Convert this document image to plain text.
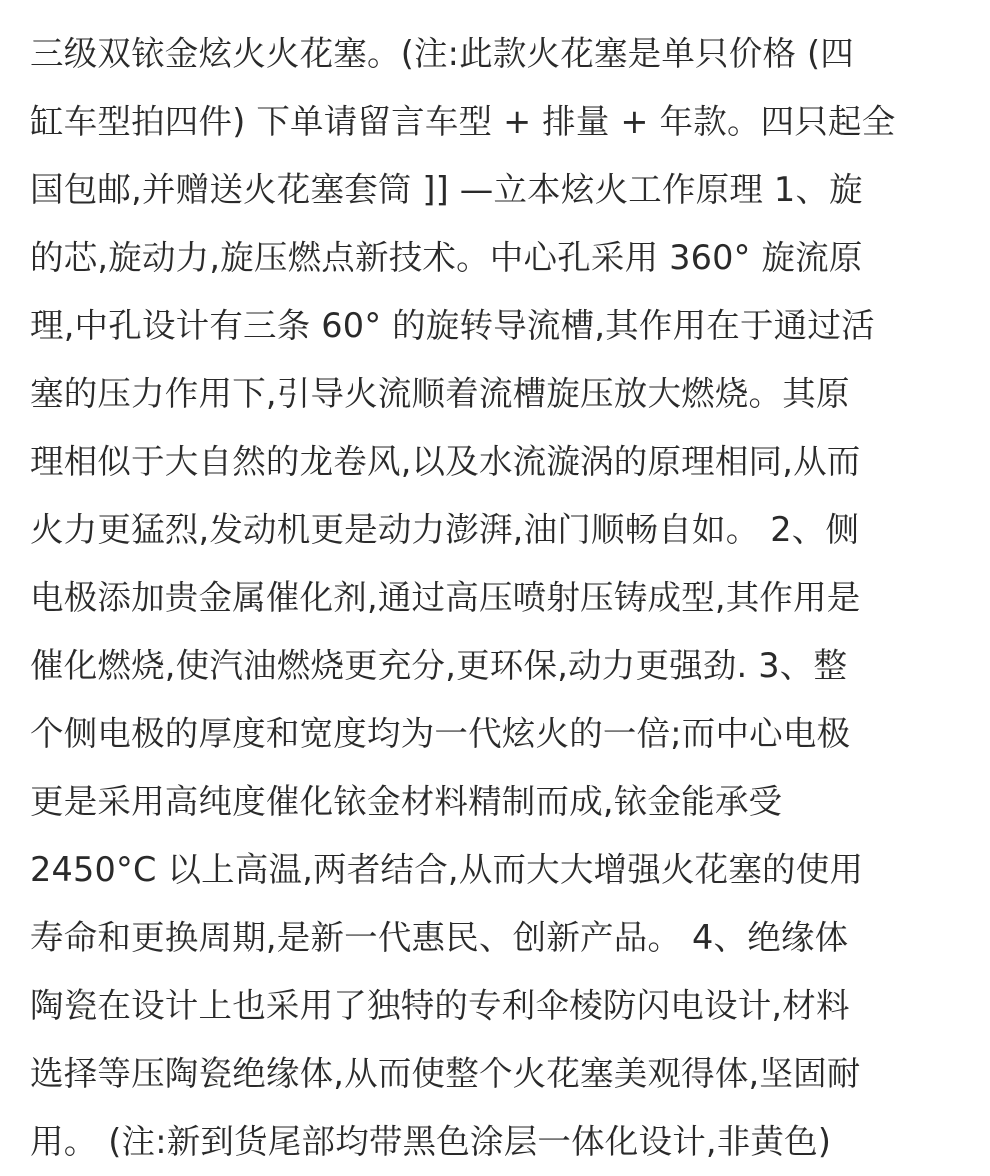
三级双铱金炫火火花塞。(注:此款火花塞是单只价格 (四
缸车型拍四件) 下单请留言车型 + 排量 + 年款。四只起全
国包邮,并赠送火花塞套筒 ]] —立本炫火工作原理 1、旋
的芯,旋动力,旋压燃点新技术。中心孔采用 360° 旋流原
理,中孔设计有三条 60° 的旋转导流槽,其作用在于通过活
塞的压力作用下,引导火流顺着流槽旋压放大燃烧。其原
理相似于大自然的龙卷风,以及水流漩涡的原理相同,从而
火力更猛烈,发动机更是动力澎湃,油门顺畅自如。 2、侧
电极添加贵金属催化剂,通过高压喷射压铸成型,其作用是
催化燃烧,使汽油燃烧更充分,更环保,动力更强劲. 3、整
个侧电极的厚度和宽度均为一代炫火的一倍;而中心电极
更是采用高纯度催化铱金材料精制而成,铱金能承受
2450°C 以上高温,两者结合,从而大大增强火花塞的使用
寿命和更换周期,是新一代惠民、创新产品。 4、绝缘体
陶瓷在设计上也采用了独特的专利伞棱防闪电设计,材料
选择等压陶瓷绝缘体,从而使整个火花塞美观得体,坚固耐
用。 (注:新到货尾部均带黑色涂层一体化设计,非黄色)
